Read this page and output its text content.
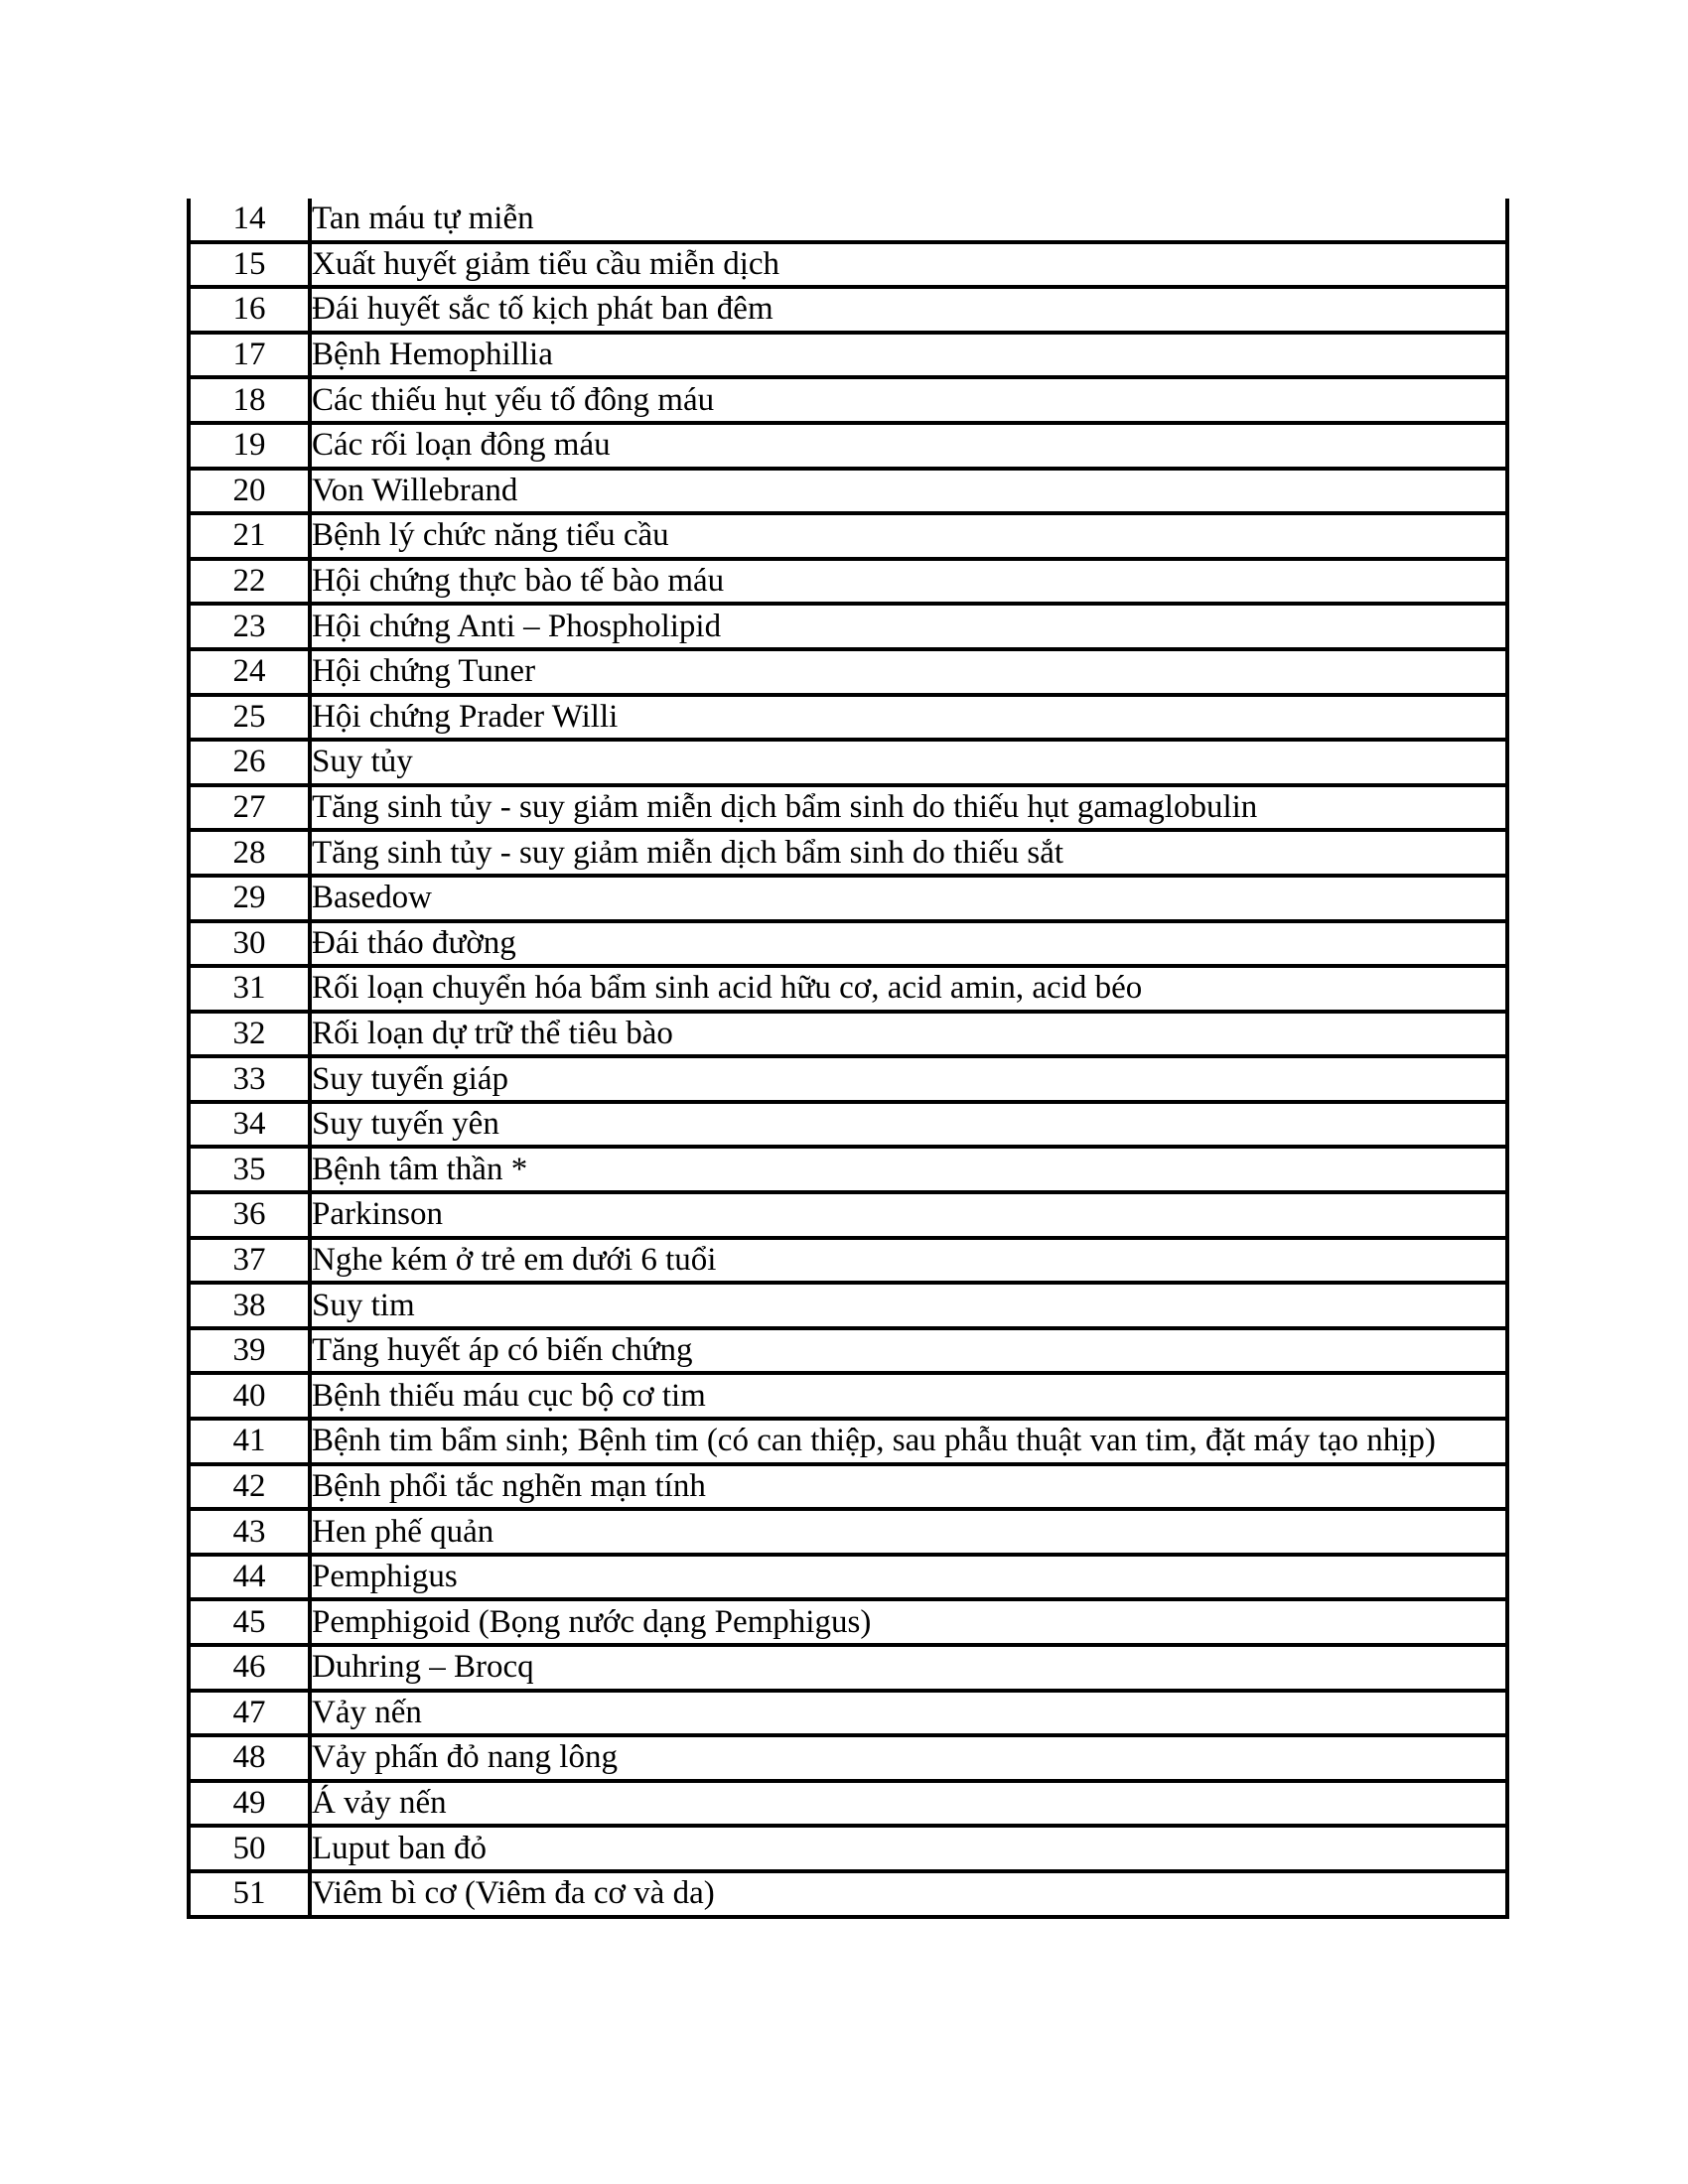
14	Tan máu tự miễn
15	Xuất huyết giảm tiểu cầu miễn dịch
16	Đái huyết sắc tố kịch phát ban đêm
17	Bệnh Hemophillia
18	Các thiếu hụt yếu tố đông máu
19	Các rối loạn đông máu
20	Von Willebrand
21	Bệnh lý chức năng tiểu cầu
22	Hội chứng thực bào tế bào máu
23	Hội chứng Anti – Phospholipid
24	Hội chứng Tuner
25	Hội chứng Prader Willi
26	Suy tủy
27	Tăng sinh tủy - suy giảm miễn dịch bẩm sinh do thiếu hụt gamaglobulin
28	Tăng sinh tủy - suy giảm miễn dịch bẩm sinh do thiếu sắt
29	Basedow
30	Đái tháo đường
31	Rối loạn chuyển hóa bẩm sinh acid hữu cơ, acid amin, acid béo
32	Rối loạn dự trữ thể tiêu bào
33	Suy tuyến giáp
34	Suy tuyến yên
35	Bệnh tâm thần *
36	Parkinson
37	Nghe kém ở trẻ em dưới 6 tuổi
38	Suy tim
39	Tăng huyết áp có biến chứng
40	Bệnh thiếu máu cục bộ cơ tim
41	Bệnh tim bẩm sinh; Bệnh tim (có can thiệp, sau phẫu thuật van tim, đặt máy tạo nhịp)
42	Bệnh phổi tắc nghẽn mạn tính
43	Hen phế quản
44	Pemphigus
45	Pemphigoid (Bọng nước dạng Pemphigus)
46	Duhring – Brocq
47	Vảy nến
48	Vảy phấn đỏ nang lông
49	Á vảy nến
50	Luput ban đỏ
51	Viêm bì cơ (Viêm đa cơ và da)
